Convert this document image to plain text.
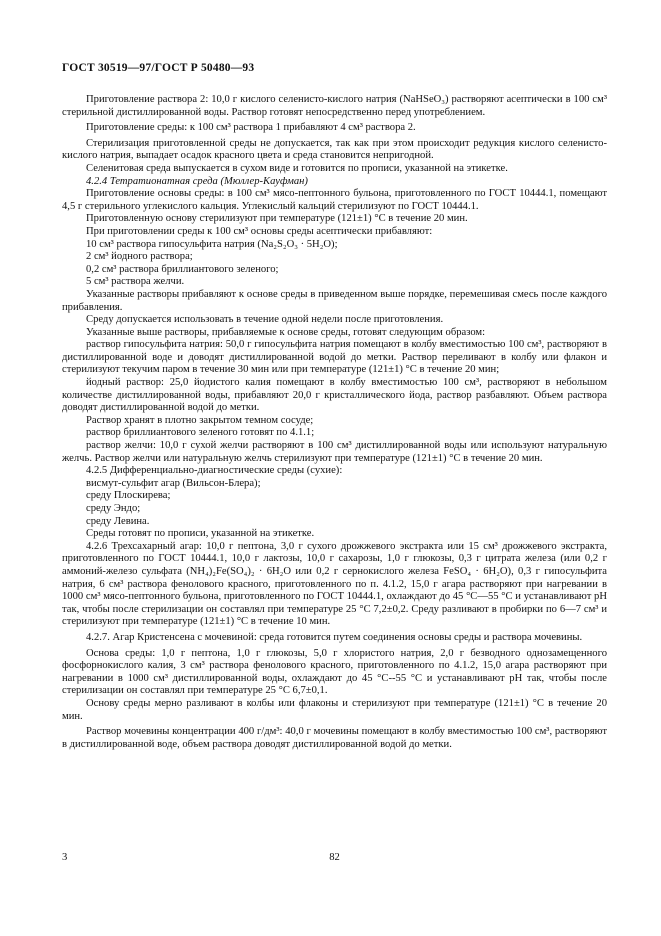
ГОСТ 30519—97/ГОСТ Р 50480—93

Приготовление раствора 2: 10,0 г кислого селенисто-кислого натрия (NaHSeO₃) растворяют асептически в 100 см³ стерильной дистиллированной воды. Раствор готовят непосредственно перед употреблением.

Приготовление среды: к 100 см³ раствора 1 прибавляют 4 см³ раствора 2.

Стерилизация приготовленной среды не допускается, так как при этом происходит редукция кислого селенисто-кислого натрия, выпадает осадок красного цвета и среда становится непригодной.

Селенитовая среда выпускается в сухом виде и готовится по прописи, указанной на этикетке.

4.2.4 Тетратионатная среда (Мюллер-Кауфман)

Приготовление основы среды: в 100 см³ мясо-пептонного бульона, приготовленного по ГОСТ 10444.1, помещают 4,5 г стерильного углекислого кальция. Углекислый кальций стерилизуют по ГОСТ 10444.1.

Приготовленную основу стерилизуют при температуре (121±1) °С в течение 20 мин.

При приготовлении среды к 100 см³ основы среды асептически прибавляют:

10 см³ раствора гипосульфита натрия (Na₂S₂O₃ · 5H₂O);

2 см³ йодного раствора;

0,2 см³ раствора бриллиантового зеленого;

5 см³ раствора желчи.

Указанные растворы прибавляют к основе среды в приведенном выше порядке, перемешивая смесь после каждого прибавления.

Среду допускается использовать в течение одной недели после приготовления.

Указанные выше растворы, прибавляемые к основе среды, готовят следующим образом:

раствор гипосульфита натрия: 50,0 г гипосульфита натрия помещают в колбу вместимостью 100 см³, растворяют в дистиллированной воде и доводят дистиллированной водой до метки. Раствор переливают в колбу или флакон и стерилизуют текучим паром в течение 30 мин или при температуре (121±1) °С в течение 20 мин;

йодный раствор: 25,0 йодистого калия помещают в колбу вместимостью 100 см³, растворяют в небольшом количестве дистиллированной воды, прибавляют 20,0 г кристаллического йода, раствор разбавляют. Объем раствора доводят дистиллированной водой до метки.

Раствор хранят в плотно закрытом темном сосуде;

раствор бриллиантового зеленого готовят по 4.1.1;

раствор желчи: 10,0 г сухой желчи растворяют в 100 см³ дистиллированной воды или используют натуральную желчь. Раствор желчи или натуральную желчь стерилизуют при температуре (121±1) °С в течение 20 мин.

4.2.5 Дифференциально-диагностические среды (сухие):

висмут-сульфит агар (Вильсон-Блера);

среду Плоскирева;

среду Эндо;

среду Левина.

Среды готовят по прописи, указанной на этикетке.

4.2.6 Трехсахарный агар: 10,0 г пептона, 3,0 г сухого дрожжевого экстракта или 15 см³ дрожжевого экстракта, приготовленного по ГОСТ 10444.1, 10,0 г лактозы, 10,0 г сахарозы, 1,0 г глюкозы, 0,3 г цитрата железа (или 0,2 г аммоний-железо сульфата (NH₄)₂Fe(SO₄)₂ · 6H₂O или 0,2 г сернокислого железа FeSO₄ · 6H₂O), 0,3 г гипосульфита натрия, 6 см³ раствора фенолового красного, приготовленного по п. 4.1.2, 15,0 г агара растворяют при нагревании в 1000 см³ мясо-пептонного бульона, приготовленного по ГОСТ 10444.1, охлаждают до 45 °С—55 °С и устанавливают рН так, чтобы после стерилизации он составлял при температуре 25 °С 7,2±0,2. Среду разливают в пробирки по 6—7 см³ и стерилизуют при температуре (121±1) °С в течение 10 мин.

4.2.7. Агар Кристенсена с мочевиной: среда готовится путем соединения основы среды и раствора мочевины.

Основа среды: 1,0 г пептона, 1,0 г глюкозы, 5,0 г хлористого натрия, 2,0 г безводного однозамещенного фосфорнокислого калия, 3 см³ раствора фенолового красного, приготовленного по 4.1.2, 15,0 агара растворяют при нагревании в 1000 см³ дистиллированной воды, охлаждают до 45 °С--55 °С и устанавливают рН так, чтобы после стерилизации он составлял при температуре 25 °С 6,7±0,1.

Основу среды мерно разливают в колбы или флаконы и стерилизуют при температуре (121±1) °С в течение 20 мин.

Раствор мочевины концентрации 400 г/дм³: 40,0 г мочевины помещают в колбу вместимостью 100 см³, растворяют в дистиллированной воде, объем раствора доводят дистиллированной водой до метки.

3	82
